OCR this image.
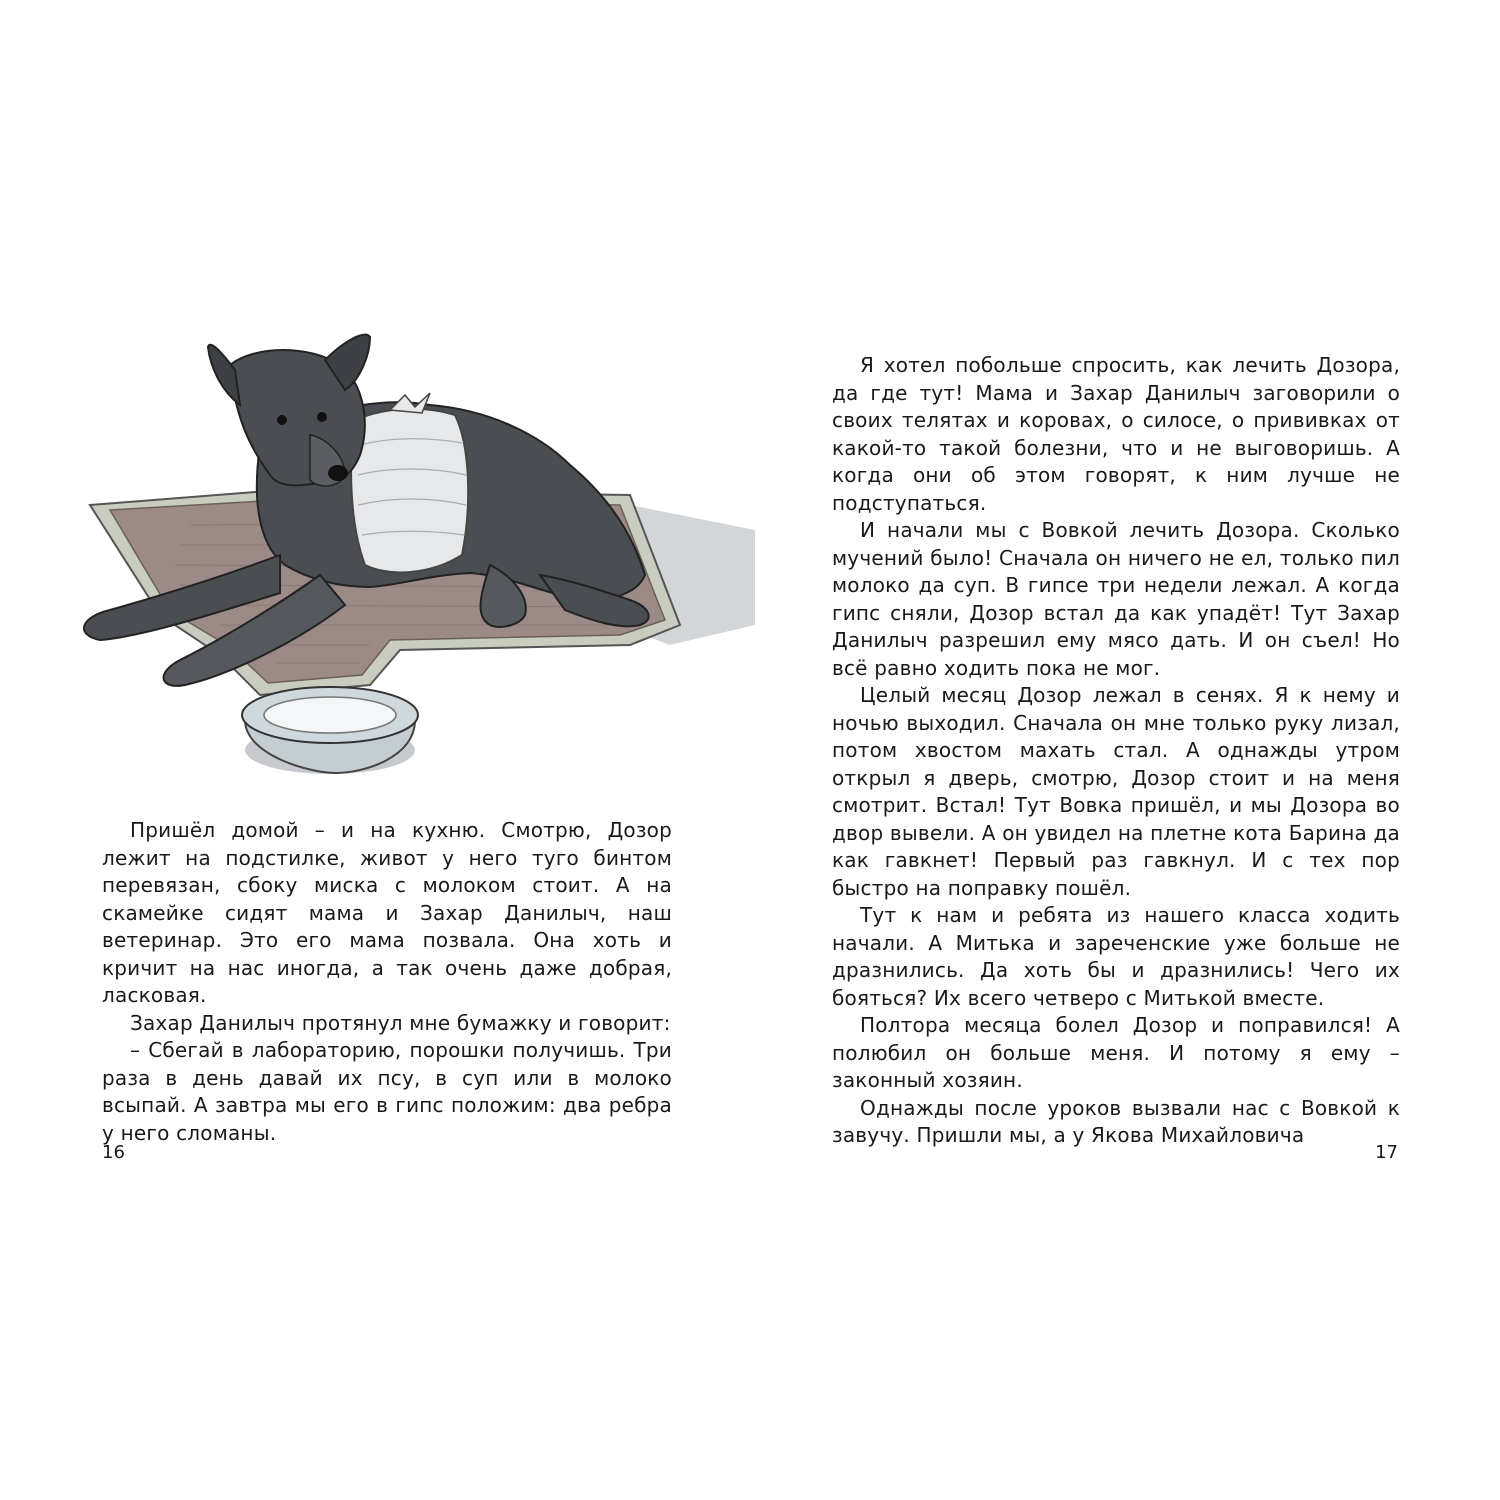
Пришёл домой – и на кухню. Смотрю, Дозор лежит на подстилке, живот у него туго бинтом перевязан, сбоку миска с молоком стоит. А на скамейке сидят мама и Захар Данилыч, наш ветеринар. Это его мама позвала. Она хоть и кричит на нас иногда, а так очень даже добрая, ласковая.

Захар Данилыч протянул мне бумажку и говорит:

– Сбегай в лабораторию, порошки получишь. Три раза в день давай их псу, в суп или в молоко всыпай. А завтра мы его в гипс положим: два ребра у него сломаны.

16

Я хотел побольше спросить, как лечить Дозора, да где тут! Мама и Захар Данилыч заговорили о своих телятах и коровах, о силосе, о прививках от какой-то такой болезни, что и не выговоришь. А когда они об этом говорят, к ним лучше не подступаться.

И начали мы с Вовкой лечить Дозора. Сколько мучений было! Сначала он ничего не ел, только пил молоко да суп. В гипсе три недели лежал. А когда гипс сняли, Дозор встал да как упадёт! Тут Захар Данилыч разрешил ему мясо дать. И он съел! Но всё равно ходить пока не мог.

Целый месяц Дозор лежал в сенях. Я к нему и ночью выходил. Сначала он мне только руку лизал, потом хвостом махать стал. А однажды утром открыл я дверь, смотрю, Дозор стоит и на меня смотрит. Встал! Тут Вовка пришёл, и мы Дозора во двор вывели. А он увидел на плетне кота Барина да как гавкнет! Первый раз гавкнул. И с тех пор быстро на поправку пошёл.

Тут к нам и ребята из нашего класса ходить начали. А Митька и зареченские уже больше не дразнились. Да хоть бы и дразнились! Чего их бояться? Их всего четверо с Митькой вместе.

Полтора месяца болел Дозор и поправился! А полюбил он больше меня. И потому я ему – законный хозяин.

Однажды после уроков вызвали нас с Вовкой к завучу. Пришли мы, а у Якова Михайловича

17
